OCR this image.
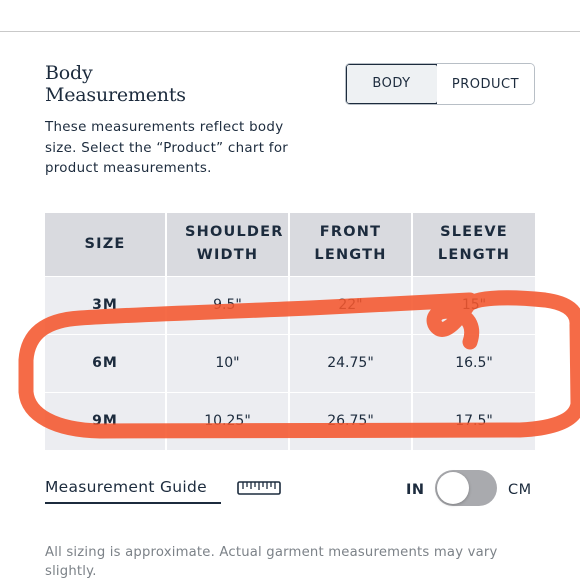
Body
Measurements
BODY	PRODUCT

These measurements reflect body size. Select the “Product” chart for product measurements.

SIZE	SHOULDER WIDTH	FRONT LENGTH	SLEEVE LENGTH
3M	9.5"	22"	15"
6M	10"	24.75"	16.5"
9M	10.25"	26.75"	17.5"
Measurement Guide	IN	CM

All sizing is approximate. Actual garment measurements may vary slightly.
